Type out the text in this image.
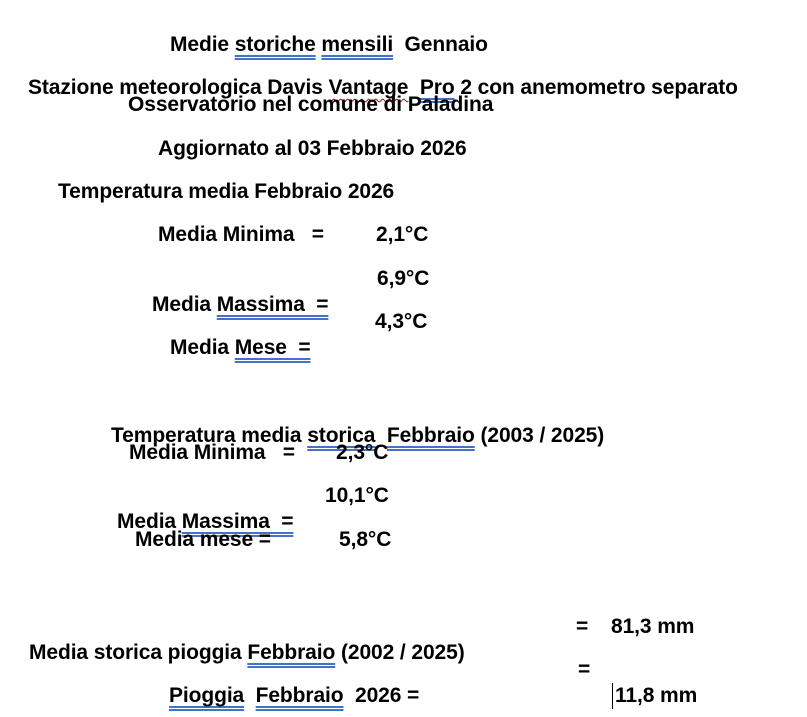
Medie storiche mensili  Gennaio

Stazione meteorologica Davis Vantage Pro 2 con anemometro separato

Osservatorio nel comune di Paladina
Aggiornato al 03 Febbraio 2026
Temperatura media Febbraio 2026
Media Minima   = 2,1°C

Media Massima  =

6,9°C

Media Mese  =

4,3°C

Temperatura media storica Febbraio (2003 / 2025)

Media Minima   = 2,3°C

Media Massima  =

10,1°C
Media mese =	5,8°C

Media storica pioggia Febbraio (2002 / 2025)

= 81,3 mm

Pioggia Febbraio  2026 =

=

11,8 mm
